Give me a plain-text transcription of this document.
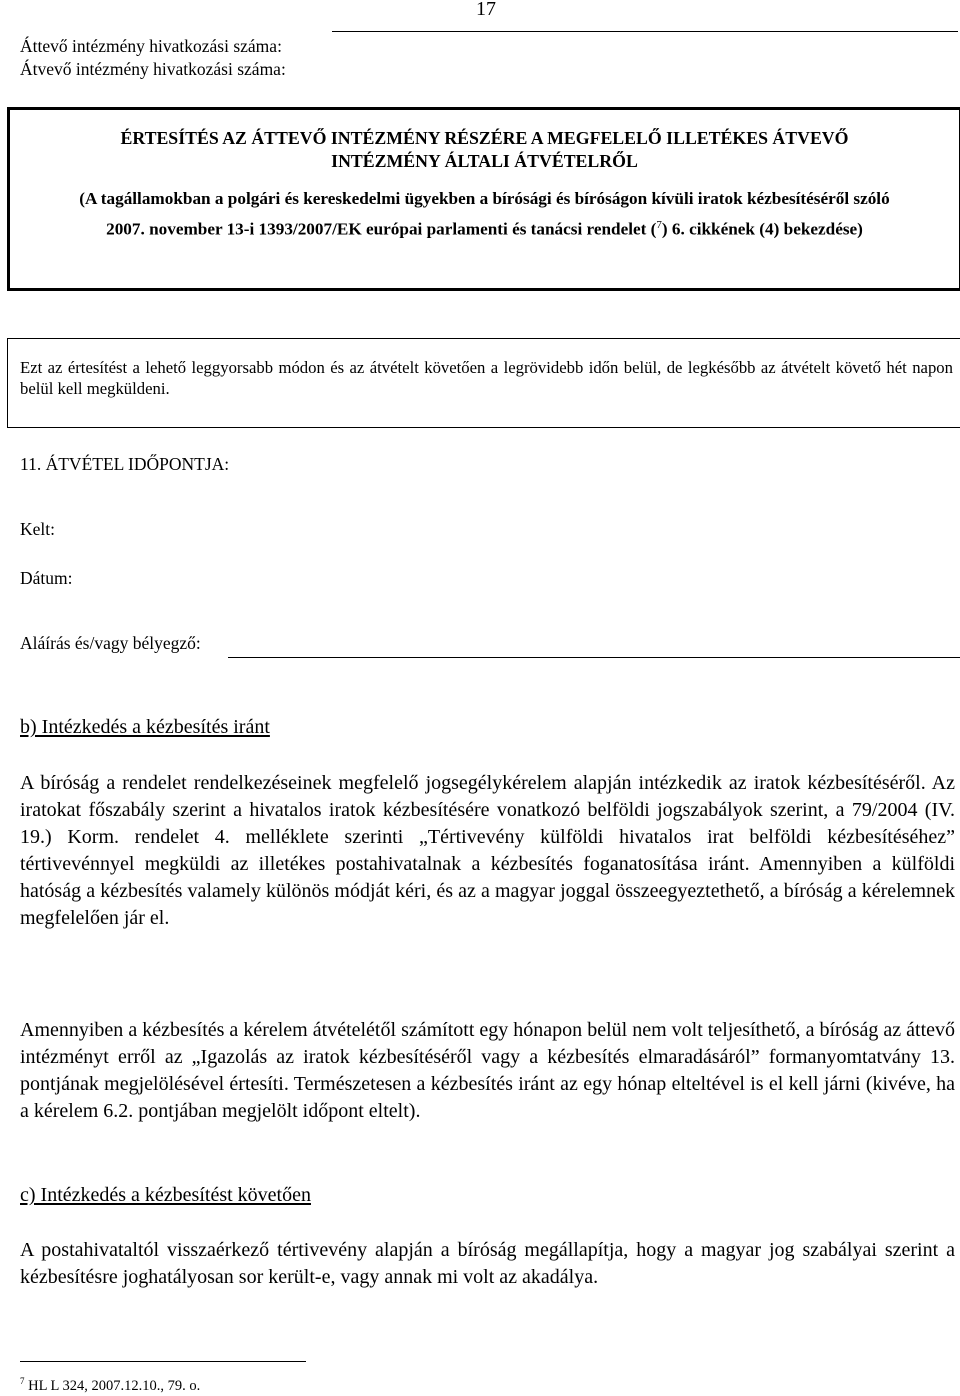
17
Áttevő intézmény hivatkozási száma:
Átvevő intézmény hivatkozási száma:
ÉRTESÍTÉS AZ ÁTTEVŐ INTÉZMÉNY RÉSZÉRE A MEGFELELŐ ILLETÉKES ÁTVEVŐ
INTÉZMÉNY ÁLTALI ÁTVÉTELRŐL
(A tagállamokban a polgári és kereskedelmi ügyekben a bírósági és bíróságon kívüli iratok kézbesítéséről szóló 2007. november 13-i 1393/2007/EK európai parlamenti és tanácsi rendelet ($^7$) 6. cikkének (4) bekezdése)
Ezt az értesítést a lehető leggyorsabb módon és az átvételt követően a legrövidebb időn belül, de legkésőbb az átvételt követő hét napon belül kell megküldeni.
11. ÁTVÉTEL IDŐPONTJA:
Kelt:
Dátum:
Aláírás és/vagy bélyegző:
b) Intézkedés a kézbesítés iránt
A bíróság a rendelet rendelkezéseinek megfelelő jogsegélykérelem alapján intézkedik az iratok kézbesítéséről. Az iratokat főszabály szerint a hivatalos iratok kézbesítésére vonatkozó belföldi jogszabályok szerint, a 79/2004 (IV. 19.) Korm. rendelet 4. melléklete szerinti „Tértivevény külföldi hivatalos irat belföldi kézbesítéséhez” tértivevénnyel megküldi az illetékes postahivatalnak a kézbesítés foganatosítása iránt. Amennyiben a külföldi hatóság a kézbesítés valamely különös módját kéri, és az a magyar joggal összeegyeztethető, a bíróság a kérelemnek megfelelően jár el.
Amennyiben a kézbesítés a kérelem átvételétől számított egy hónapon belül nem volt teljesíthető, a bíróság az áttevő intézményt erről az „Igazolás az iratok kézbesítéséről vagy a kézbesítés elmaradásáról” formanyomtatvány 13. pontjának megjelölésével értesíti. Természetesen a kézbesítés iránt az egy hónap elteltével is el kell járni (kivéve, ha a kérelem 6.2. pontjában megjelölt időpont eltelt).
c) Intézkedés a kézbesítést követően
A postahivataltól visszaérkező tértivevény alapján a bíróság megállapítja, hogy a magyar jog szabályai szerint a kézbesítésre joghatályosan sor került-e, vagy annak mi volt az akadálya.
$^7$ HL L 324, 2007.12.10., 79. o.
